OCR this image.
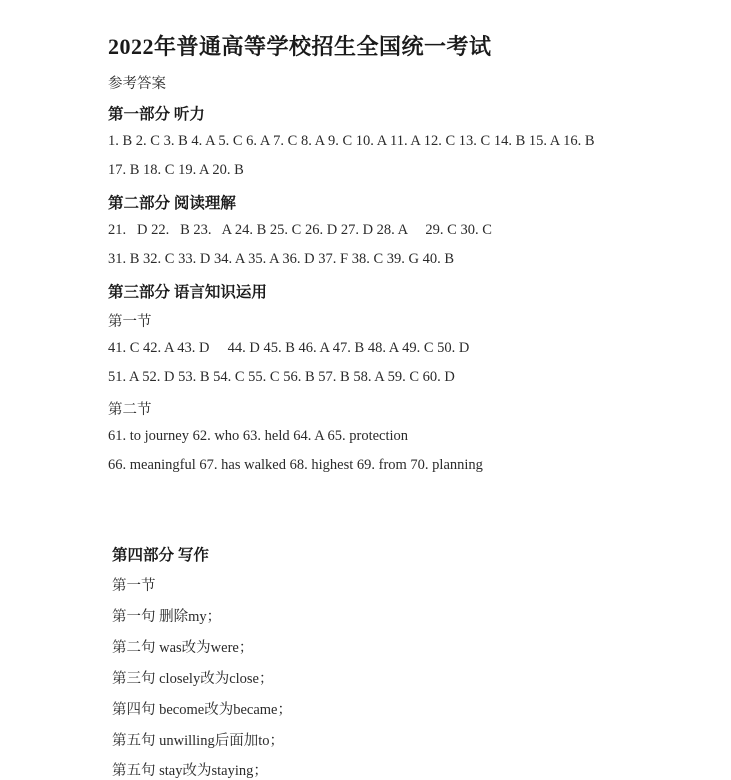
2022年普通高等学校招生全国统一考试
参考答案
第一部分 听力
1. B 2. C 3. B 4. A 5. C 6. A 7. C 8. A 9. C 10. A 11. A 12. C 13. C 14. B 15. A 16. B
17. B 18. C 19. A 20. B
第二部分 阅读理解
21.   D 22.   B 23.   A 24. B 25. C 26. D 27. D 28. A     29. C 30. C
31. B 32. C 33. D 34. A 35. A 36. D 37. F 38. C 39. G 40. B
第三部分 语言知识运用
第一节
41. C 42. A 43. D     44. D 45. B 46. A 47. B 48. A 49. C 50. D
51. A 52. D 53. B 54. C 55. C 56. B 57. B 58. A 59. C 60. D
第二节
61. to journey 62. who 63. held 64. A 65. protection
66. meaningful 67. has walked 68. highest 69. from 70. planning
第四部分 写作
第一节
第一句 删除my；
第二句 was改为were；
第三句 closely改为close；
第四句 become改为became；
第五句 unwilling后面加to；
第五句 stay改为staying；
